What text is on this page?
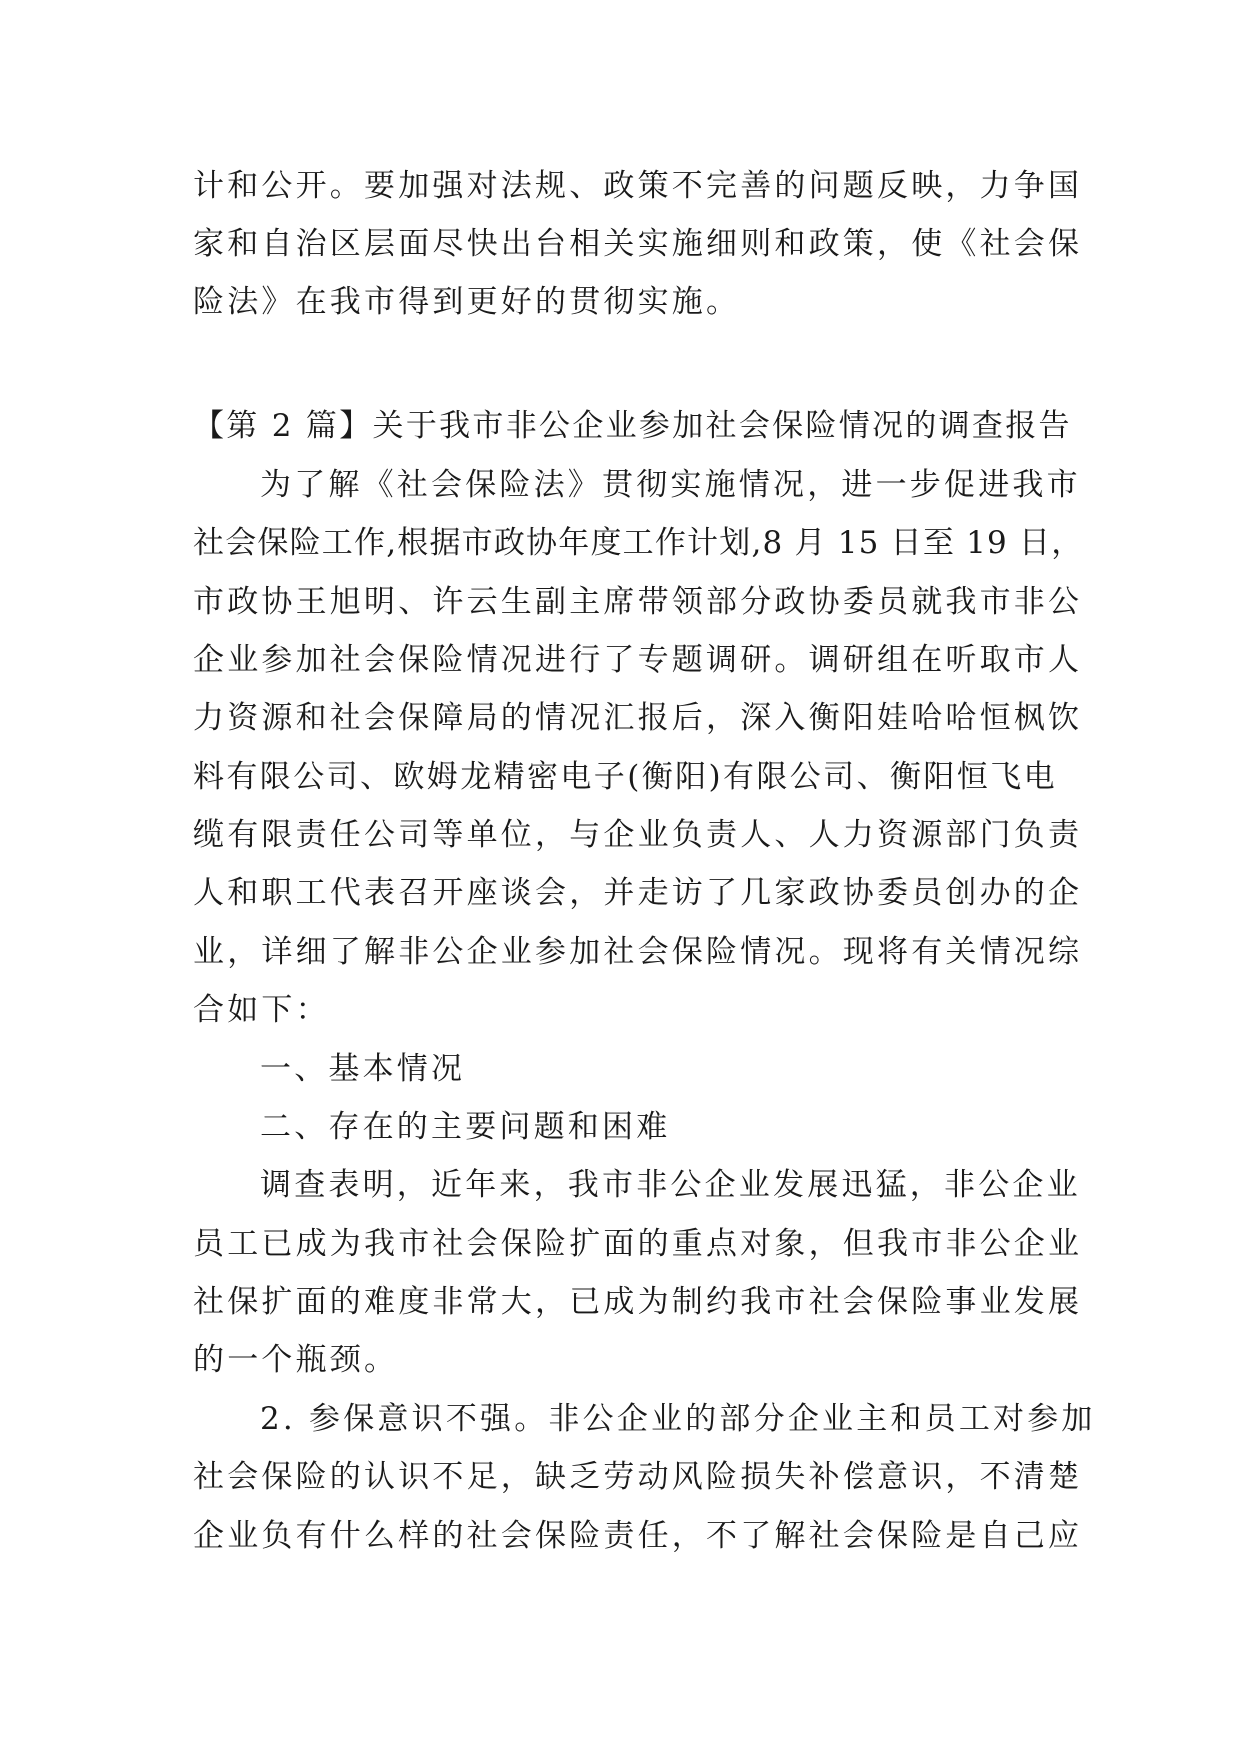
计和公开。要加强对法规、政策不完善的问题反映，力争国
家和自治区层面尽快出台相关实施细则和政策，使《社会保
险法》在我市得到更好的贯彻实施。
【第 2 篇】关于我市非公企业参加社会保险情况的调查报告
为了解《社会保险法》贯彻实施情况，进一步促进我市
社会保险工作,根据市政协年度工作计划,8 月 15 日至 19 日，
市政协王旭明、许云生副主席带领部分政协委员就我市非公
企业参加社会保险情况进行了专题调研。调研组在听取市人
力资源和社会保障局的情况汇报后，深入衡阳娃哈哈恒枫饮
料有限公司、欧姆龙精密电子(衡阳)有限公司、衡阳恒飞电
缆有限责任公司等单位，与企业负责人、人力资源部门负责
人和职工代表召开座谈会，并走访了几家政协委员创办的企
业，详细了解非公企业参加社会保险情况。现将有关情况综
合如下：
一、基本情况
二、存在的主要问题和困难
调查表明，近年来，我市非公企业发展迅猛，非公企业
员工已成为我市社会保险扩面的重点对象，但我市非公企业
社保扩面的难度非常大，已成为制约我市社会保险事业发展
的一个瓶颈。
2. 参保意识不强。非公企业的部分企业主和员工对参加
社会保险的认识不足，缺乏劳动风险损失补偿意识，不清楚
企业负有什么样的社会保险责任，不了解社会保险是自己应
